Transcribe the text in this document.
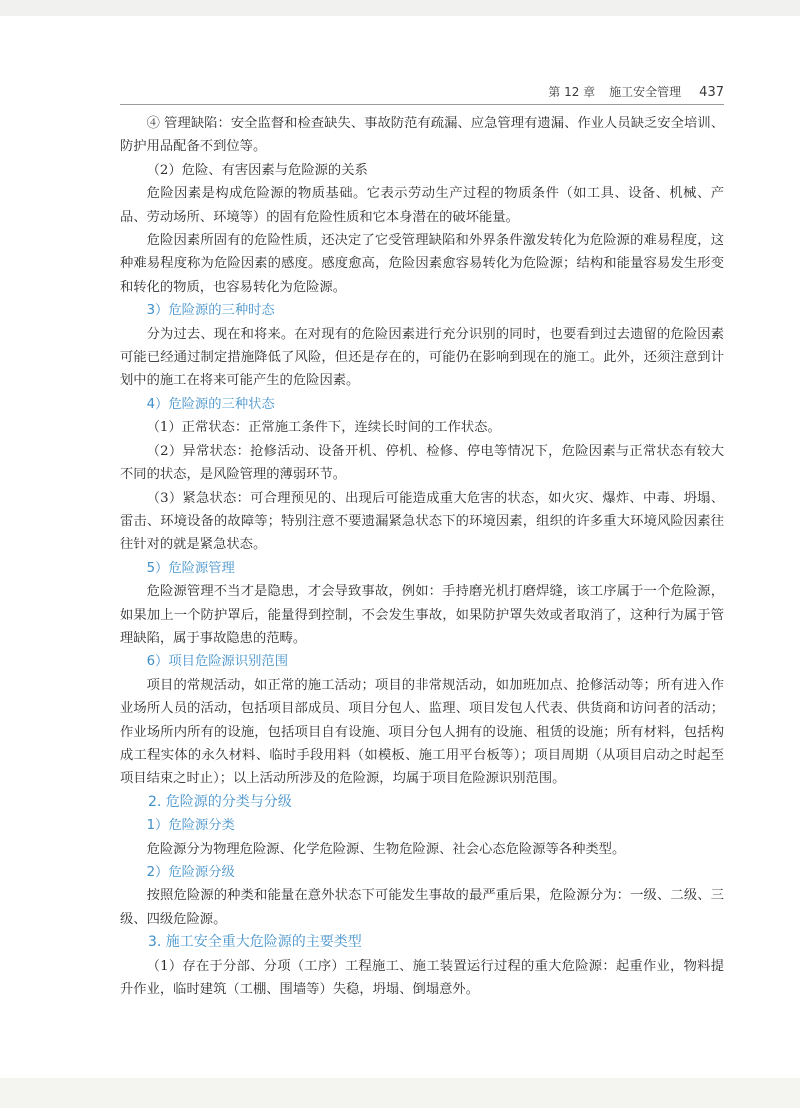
第 12 章 施工安全管理 437

④ 管理缺陷：安全监督和检查缺失、事故防范有疏漏、应急管理有遗漏、作业人员缺乏安全培训、防护用品配备不到位等。

（2）危险、有害因素与危险源的关系

危险因素是构成危险源的物质基础。它表示劳动生产过程的物质条件（如工具、设备、机械、产品、劳动场所、环境等）的固有危险性质和它本身潜在的破坏能量。

危险因素所固有的危险性质，还决定了它受管理缺陷和外界条件激发转化为危险源的难易程度，这种难易程度称为危险因素的感度。感度愈高，危险因素愈容易转化为危险源；结构和能量容易发生形变和转化的物质，也容易转化为危险源。

3）危险源的三种时态

分为过去、现在和将来。在对现有的危险因素进行充分识别的同时，也要看到过去遗留的危险因素可能已经通过制定措施降低了风险，但还是存在的，可能仍在影响到现在的施工。此外，还须注意到计划中的施工在将来可能产生的危险因素。

4）危险源的三种状态

（1）正常状态：正常施工条件下，连续长时间的工作状态。

（2）异常状态：抢修活动、设备开机、停机、检修、停电等情况下，危险因素与正常状态有较大不同的状态，是风险管理的薄弱环节。

（3）紧急状态：可合理预见的、出现后可能造成重大危害的状态，如火灾、爆炸、中毒、坍塌、雷击、环境设备的故障等；特别注意不要遗漏紧急状态下的环境因素，组织的许多重大环境风险因素往往针对的就是紧急状态。

5）危险源管理

危险源管理不当才是隐患，才会导致事故，例如：手持磨光机打磨焊缝，该工序属于一个危险源，如果加上一个防护罩后，能量得到控制，不会发生事故，如果防护罩失效或者取消了，这种行为属于管理缺陷，属于事故隐患的范畴。

6）项目危险源识别范围

项目的常规活动，如正常的施工活动；项目的非常规活动，如加班加点、抢修活动等；所有进入作业场所人员的活动，包括项目部成员、项目分包人、监理、项目发包人代表、供货商和访问者的活动；作业场所内所有的设施，包括项目自有设施、项目分包人拥有的设施、租赁的设施；所有材料，包括构成工程实体的永久材料、临时手段用料（如模板、施工用平台板等）；项目周期（从项目启动之时起至项目结束之时止）；以上活动所涉及的危险源，均属于项目危险源识别范围。

2. 危险源的分类与分级

1）危险源分类

危险源分为物理危险源、化学危险源、生物危险源、社会心态危险源等各种类型。

2）危险源分级

按照危险源的种类和能量在意外状态下可能发生事故的最严重后果，危险源分为：一级、二级、三级、四级危险源。

3. 施工安全重大危险源的主要类型

（1）存在于分部、分项（工序）工程施工、施工装置运行过程的重大危险源：起重作业，物料提升作业，临时建筑（工棚、围墙等）失稳，坍塌、倒塌意外。
